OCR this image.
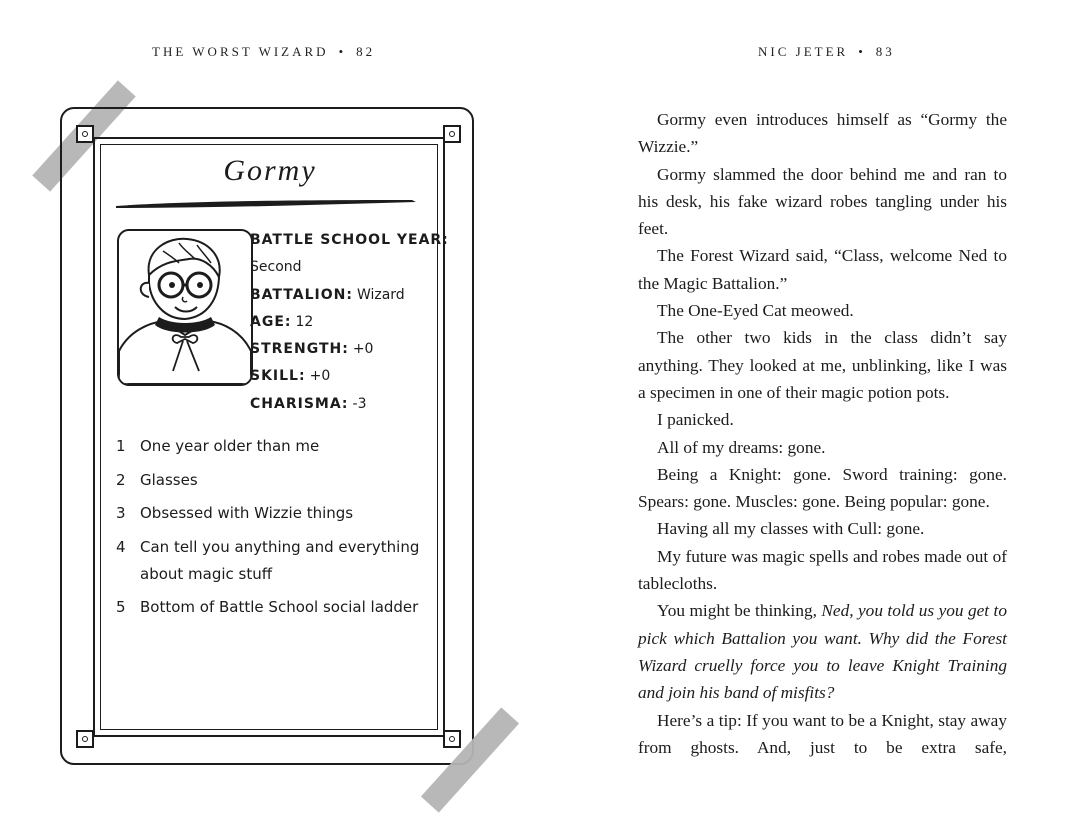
THE WORST WIZARD • 82	NIC JETER • 83
Gormy
BATTLE SCHOOL YEAR:
Second
BATTALION: Wizard
AGE: 12
STRENGTH: +0
SKILL: +0
CHARISMA: -3
1 One year older than me
2 Glasses
3 Obsessed with Wizzie things
4 Can tell you anything and everything about magic stuff
5 Bottom of Battle School social ladder

Gormy even introduces himself as “Gormy the Wizzie.”

Gormy slammed the door behind me and ran to his desk, his fake wizard robes tangling under his feet.

The Forest Wizard said, “Class, welcome Ned to the Magic Battalion.”

The One-Eyed Cat meowed.

The other two kids in the class didn’t say anything. They looked at me, unblinking, like I was a specimen in one of their magic potion pots.

I panicked.

All of my dreams: gone.

Being a Knight: gone. Sword training: gone. Spears: gone. Muscles: gone. Being popular: gone.

Having all my classes with Cull: gone.

My future was magic spells and robes made out of tablecloths.

You might be thinking, Ned, you told us you get to pick which Battalion you want. Why did the Forest Wizard cruelly force you to leave Knight Training and join his band of misfits?

Here’s a tip: If you want to be a Knight, stay away from ghosts. And, just to be extra safe,
